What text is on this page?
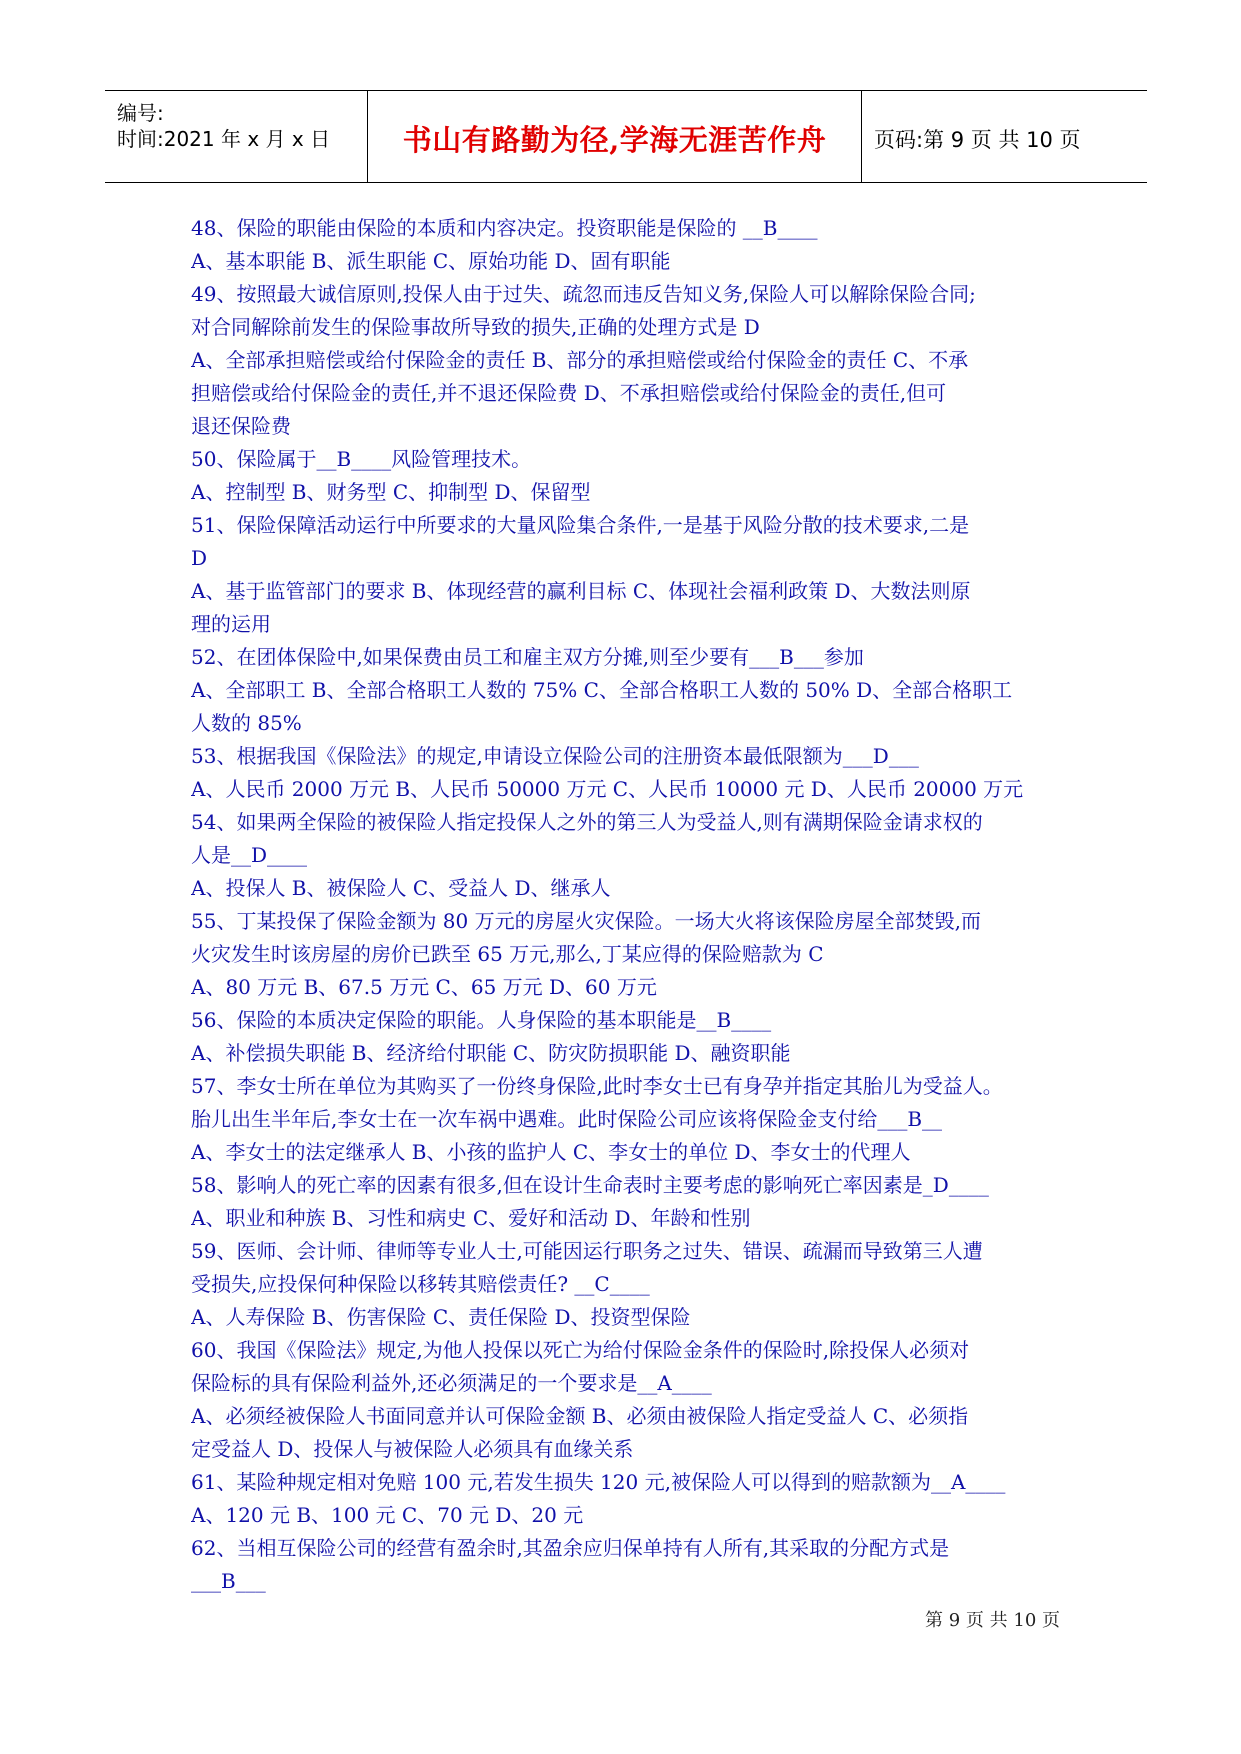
编号:
时间:2021 年 x 月 x 日	书山有路勤为径,学海无涯苦作舟	页码:第 9 页 共 10 页
48、保险的职能由保险的本质和内容决定。投资职能是保险的 __B____
A、基本职能 B、派生职能 C、原始功能 D、固有职能
49、按照最大诚信原则,投保人由于过失、疏忽而违反告知义务,保险人可以解除保险合同;
对合同解除前发生的保险事故所导致的损失,正确的处理方式是 D
A、全部承担赔偿或给付保险金的责任 B、部分的承担赔偿或给付保险金的责任 C、不承
担赔偿或给付保险金的责任,并不退还保险费 D、不承担赔偿或给付保险金的责任,但可
退还保险费
50、保险属于__B____风险管理技术。
A、控制型 B、财务型 C、抑制型 D、保留型
51、保险保障活动运行中所要求的大量风险集合条件,一是基于风险分散的技术要求,二是
D
A、基于监管部门的要求 B、体现经营的赢利目标 C、体现社会福利政策 D、大数法则原
理的运用
52、在团体保险中,如果保费由员工和雇主双方分摊,则至少要有___B___参加
A、全部职工 B、全部合格职工人数的 75% C、全部合格职工人数的 50% D、全部合格职工
人数的 85%
53、根据我国《保险法》的规定,申请设立保险公司的注册资本最低限额为___D___
A、人民币 2000 万元 B、人民币 50000 万元 C、人民币 10000 元 D、人民币 20000 万元
54、如果两全保险的被保险人指定投保人之外的第三人为受益人,则有满期保险金请求权的
人是__D____
A、投保人 B、被保险人 C、受益人 D、继承人
55、丁某投保了保险金额为 80 万元的房屋火灾保险。一场大火将该保险房屋全部焚毁,而
火灾发生时该房屋的房价已跌至 65 万元,那么,丁某应得的保险赔款为 C
A、80 万元 B、67.5 万元 C、65 万元 D、60 万元
56、保险的本质决定保险的职能。人身保险的基本职能是__B____
A、补偿损失职能 B、经济给付职能 C、防灾防损职能 D、融资职能
57、李女士所在单位为其购买了一份终身保险,此时李女士已有身孕并指定其胎儿为受益人。
胎儿出生半年后,李女士在一次车祸中遇难。此时保险公司应该将保险金支付给___B__
A、李女士的法定继承人 B、小孩的监护人 C、李女士的单位 D、李女士的代理人
58、影响人的死亡率的因素有很多,但在设计生命表时主要考虑的影响死亡率因素是_D____
A、职业和种族 B、习性和病史 C、爱好和活动 D、年龄和性别
59、医师、会计师、律师等专业人士,可能因运行职务之过失、错误、疏漏而导致第三人遭
受损失,应投保何种保险以移转其赔偿责任? __C____
A、人寿保险 B、伤害保险 C、责任保险 D、投资型保险
60、我国《保险法》规定,为他人投保以死亡为给付保险金条件的保险时,除投保人必须对
保险标的具有保险利益外,还必须满足的一个要求是__A____
A、必须经被保险人书面同意并认可保险金额 B、必须由被保险人指定受益人 C、必须指
定受益人 D、投保人与被保险人必须具有血缘关系
61、某险种规定相对免赔 100 元,若发生损失 120 元,被保险人可以得到的赔款额为__A____
A、120 元 B、100 元 C、70 元 D、20 元
62、当相互保险公司的经营有盈余时,其盈余应归保单持有人所有,其采取的分配方式是
___B___
第 9 页 共 10 页
